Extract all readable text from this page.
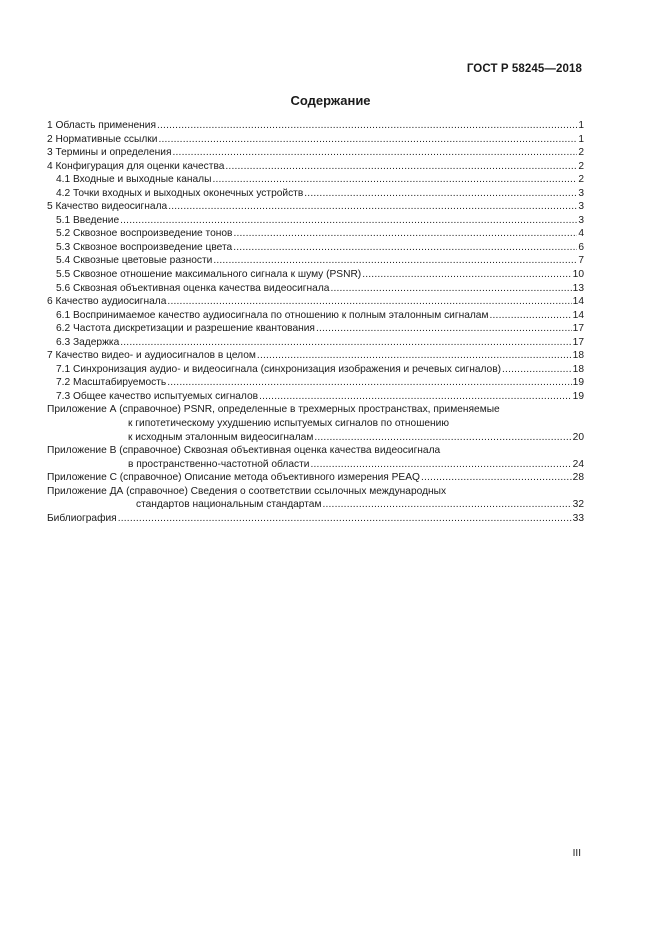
ГОСТ Р 58245—2018
Содержание
1 Область применения .....	1
2 Нормативные ссылки .....	1
3 Термины и определения .....	2
4 Конфигурация для оценки качества .....	2
4.1 Входные и выходные каналы .....	2
4.2 Точки входных и выходных оконечных устройств .....	3
5 Качество видеосигнала .....	3
5.1 Введение .....	3
5.2 Сквозное воспроизведение тонов .....	4
5.3 Сквозное воспроизведение цвета .....	6
5.4 Сквозные цветовые разности .....	7
5.5 Сквозное отношение максимального сигнала к шуму (PSNR) .....	10
5.6 Сквозная объективная оценка качества видеосигнала .....	13
6 Качество аудиосигнала .....	14
6.1 Воспринимаемое качество аудиосигнала по отношению к полным эталонным сигналам .....	14
6.2 Частота дискретизации и разрешение квантования .....	17
6.3 Задержка .....	17
7 Качество видео- и аудиосигналов в целом .....	18
7.1 Синхронизация аудио- и видеосигнала (синхронизация изображения и речевых сигналов) .....	18
7.2 Масштабируемость .....	19
7.3 Общее качество испытуемых сигналов .....	19
Приложение А (справочное) PSNR, определенные в трехмерных пространствах, применяемые
к гипотетическому ухудшению испытуемых сигналов по отношению
к исходным эталонным видеосигналам .....	20
Приложение В (справочное) Сквозная объективная оценка качества видеосигнала
в пространственно-частотной области .....	24
Приложение С (справочное) Описание метода объективного измерения PEAQ .....	28
Приложение ДА (справочное) Сведения о соответствии ссылочных международных
стандартов национальным стандартам .....	32
Библиография .....	33
III
